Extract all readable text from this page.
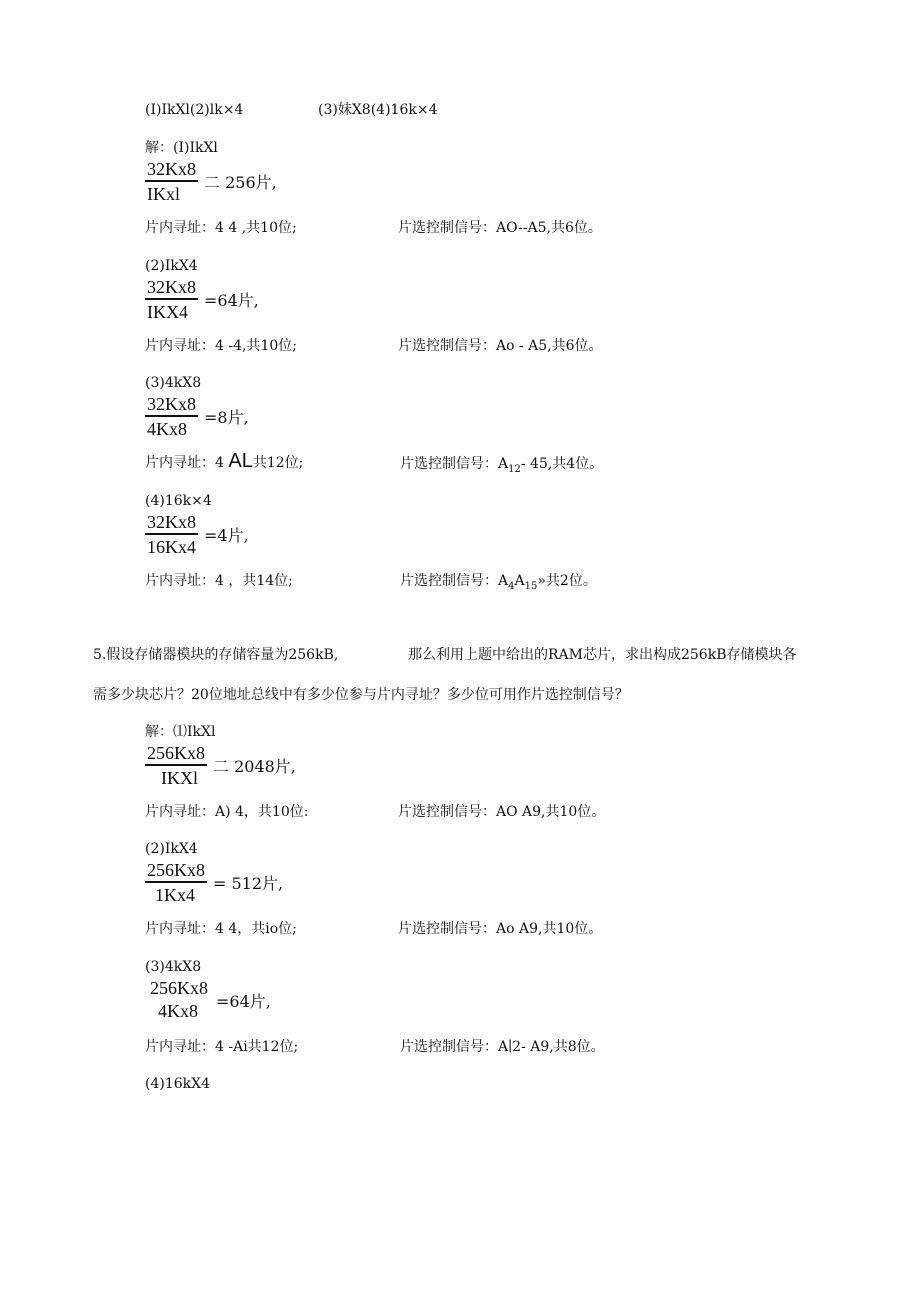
(I)IkXl(2)lk×4	(3)妹X8(4)16k×4
解：(I)IkXl
$\frac{32Kx8}{\text{IKxl}}$ 二 256片,
片内寻址：4 4 ,共10位;	片选控制信号：AO--A5,共6位。
(2)IkX4
$\frac{32Kx8}{\text{IKX4}} =64$片,
片内寻址：4 -4,共10位;	片选控制信号：Ao - A5,共6位。
(3)4kX8
$\frac{32Kx8}{4Kx8} =8$片,
片内寻址：4 AL共12位;	片选控制信号：$A_{12}-$ 45,共4位。
(4)16k×4
$\frac{32Kx8}{16Kx4} =4$片,
片内寻址：4 ，共14位;	片选控制信号：$A_4A_{15}$»共2位。
5.假设存储器模块的存储容量为256kB,	那么利用上题中给出的RAM芯片，求出构成256kB存储模块各
需多少块芯片？20位地址总线中有多少位参与片内寻址？多少位可用作片选控制信号？
解：⑴IkXl
$\frac{256Kx8}{\text{IKXl}}$ 二 2048片,
片内寻址：A) 4，共10位:	片选控制信号：AO A9,共10位。
(2)IkX4
$\frac{256Kx8}{1Kx4} = 512$片,
片内寻址：4 4，共io位;	片选控制信号：Ao A9,共10位。
(3)4kX8
256Kx8
4Kx8 =64片,
片内寻址：4 -Ai共12位;	片选控制信号：A∣2- A9,共8位。
(4)16kX4
